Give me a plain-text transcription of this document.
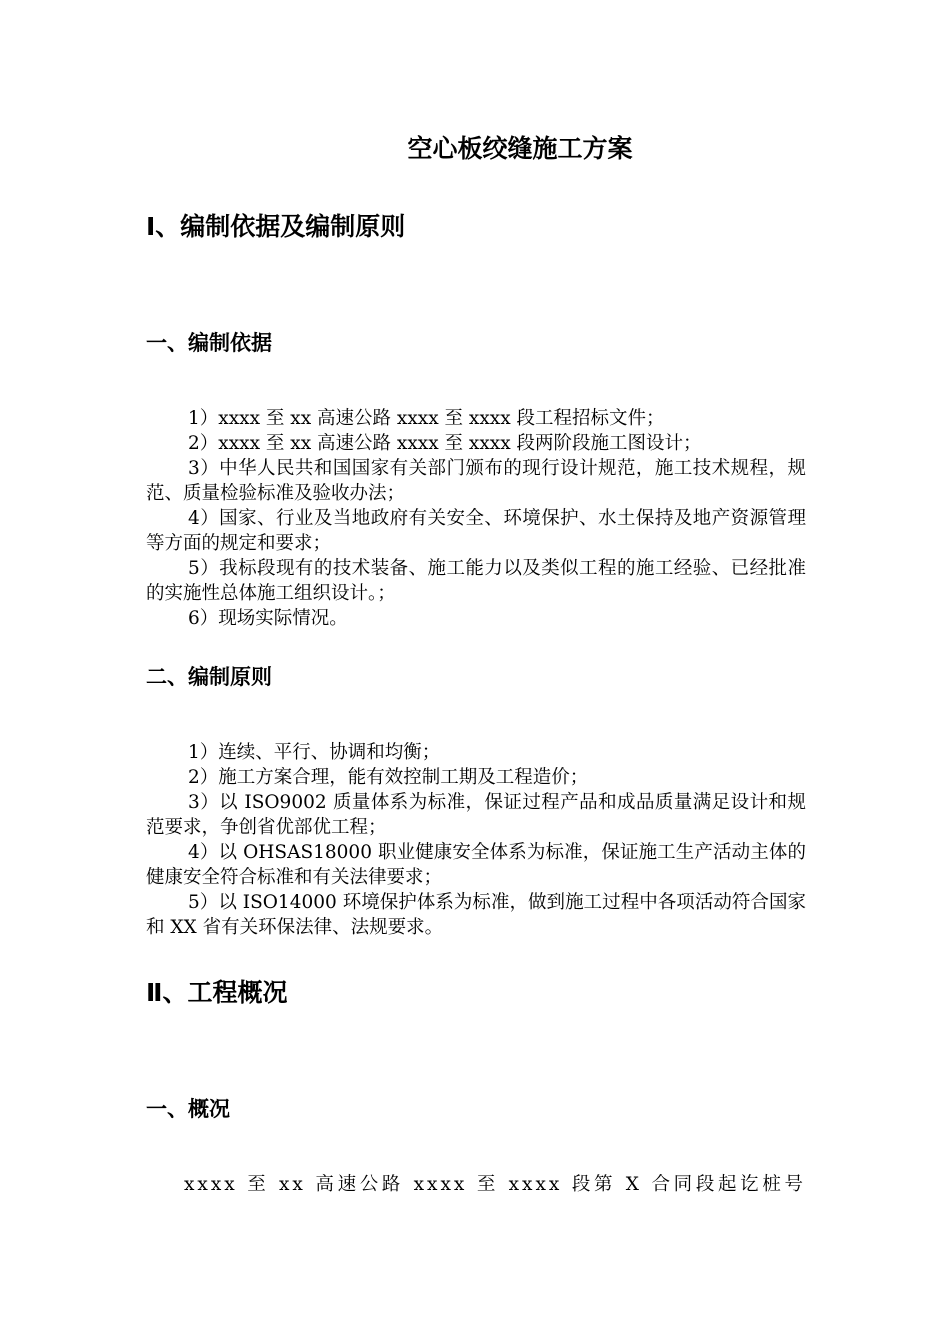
空心板绞缝施工方案
Ⅰ、编制依据及编制原则
一、编制依据
1）xxxx 至 xx 高速公路 xxxx 至 xxxx 段工程招标文件；
2）xxxx 至 xx 高速公路 xxxx 至 xxxx 段两阶段施工图设计；
3）中华人民共和国国家有关部门颁布的现行设计规范，施工技术规程，规范、质量检验标准及验收办法；
4）国家、行业及当地政府有关安全、环境保护、水土保持及地产资源管理等方面的规定和要求；
5）我标段现有的技术装备、施工能力以及类似工程的施工经验、已经批准的实施性总体施工组织设计。；
6）现场实际情况。
二、编制原则
1）连续、平行、协调和均衡；
2）施工方案合理，能有效控制工期及工程造价；
3）以 ISO9002 质量体系为标准，保证过程产品和成品质量满足设计和规范要求，争创省优部优工程；
4）以 OHSAS18000 职业健康安全体系为标准，保证施工生产活动主体的健康安全符合标准和有关法律要求；
5）以 ISO14000 环境保护体系为标准，做到施工过程中各项活动符合国家和 XX 省有关环保法律、法规要求。
Ⅱ、工程概况
一、概况

xxxx 至 xx 高速公路 xxxx 至 xxxx 段第 X 合同段起讫桩号
